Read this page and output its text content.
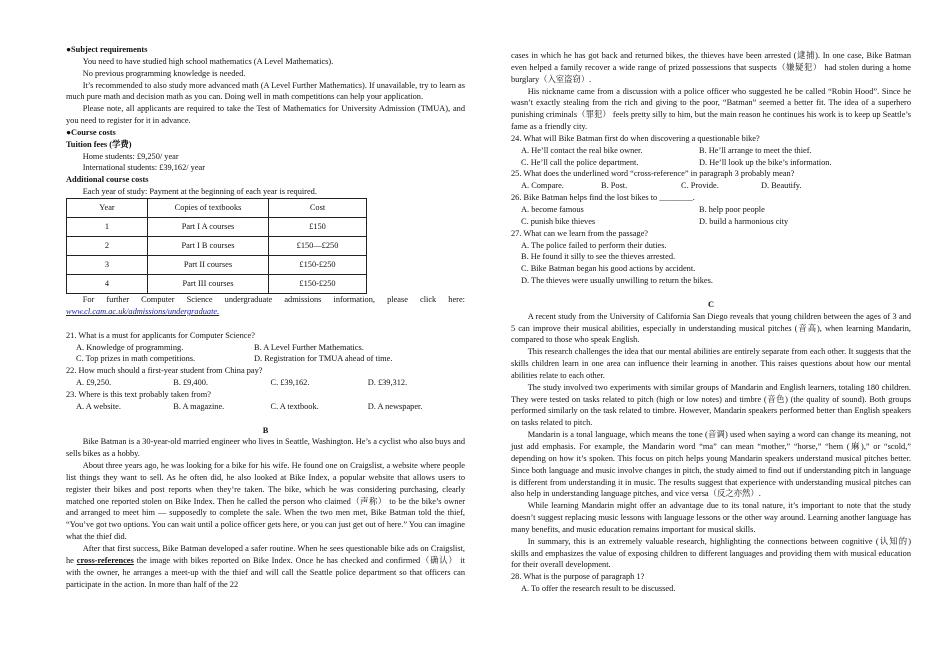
●Subject requirements

You need to have studied high school mathematics (A Level Mathematics).

No previous programming knowledge is needed.

It’s recommended to also study more advanced math (A Level Further Mathematics). If unavailable, try to learn as much pure math and decision math as you can. Doing well in math competitions can help your application.

Please note, all applicants are required to take the Test of Mathematics for University Admission (TMUA), and you need to register for it in advance.

●Course costs

Tuition fees (学费)

Home students: £9,250/ year

International students: £39,162/ year

Additional course costs

Each year of study: Payment at the beginning of each year is required.

Year	Copies of textbooks	Cost
1	Part I A courses	£150
2	Part I B courses	£150—£250
3	Part II courses	£150-£250
4	Part III courses	£150-£250

For further Computer Science undergraduate admissions information, please click here: www.cl.cam.ac.uk/admissions/undergraduate.

21. What is a must for applicants for Computer Science?

A. Knowledge of programming.	B. A Level Further Mathematics.
C. Top prizes in math competitions.	D. Registration for TMUA ahead of time.

22. How much should a first-year student from China pay?

A. £9,250.	B. £9,400.	C. £39,162.	D. £39,312.

23. Where is this text probably taken from?

A. A website.	B. A magazine.	C. A textbook.	D. A newspaper.

B

Bike Batman is a 30-year-old married engineer who lives in Seattle, Washington. He’s a cyclist who also buys and sells bikes as a hobby.

About three years ago, he was looking for a bike for his wife. He found one on Craigslist, a website where people list things they want to sell. As he often did, he also looked at Bike Index, a popular website that allows users to register their bikes and post reports when they’re taken. The bike, which he was considering purchasing, clearly matched one reported stolen on Bike Index. Then he called the person who claimed（声称） to be the bike’s owner and arranged to meet him — supposedly to complete the sale. When the two men met, Bike Batman told the thief, “You’ve got two options. You can wait until a police officer gets here, or you can just get out of here.” You can imagine what the thief did.

After that first success, Bike Batman developed a safer routine. When he sees questionable bike ads on Craigslist, he cross-references the image with bikes reported on Bike Index. Once he has checked and confirmed（确认） it with the owner, he arranges a meet-up with the thief and will call the Seattle police department so that officers can participate in the action. In more than half of the 22

cases in which he has got back and returned bikes, the thieves have been arrested (逮捕). In one case, Bike Batman even helped a family recover a wide range of prized possessions that suspects（嫌疑犯） had stolen during a home burglary（入室盗窃）.

His nickname came from a discussion with a police officer who suggested he be called “Robin Hood”. Since he wasn’t exactly stealing from the rich and giving to the poor, “Batman” seemed a better fit. The idea of a superhero punishing criminals（罪犯） feels pretty silly to him, but the main reason he continues his work is to keep up Seattle’s fame as a friendly city.

24. What will Bike Batman first do when discovering a questionable bike?

A. He’ll contact the real bike owner.	B. He’ll arrange to meet the thief.
C. He’ll call the police department.	D. He’ll look up the bike’s information.

25. What does the underlined word “cross-reference” in paragraph 3 probably mean?

A. Compare.	B. Post.	C. Provide.	D. Beautify.

26. Bike Batman helps find the lost bikes to ________.

A. become famous	B. help poor people
C. punish bike thieves	D. build a harmonious city

27. What can we learn from the passage?

A. The police failed to perform their duties.

B. He found it silly to see the thieves arrested.

C. Bike Batman began his good actions by accident.

D. The thieves were usually unwilling to return the bikes.

C

A recent study from the University of California San Diego reveals that young children between the ages of 3 and 5 can improve their musical abilities, especially in understanding musical pitches (音高), when learning Mandarin, compared to those who speak English.

This research challenges the idea that our mental abilities are entirely separate from each other. It suggests that the skills children learn in one area can influence their learning in another. This raises questions about how our mental abilities relate to each other.

The study involved two experiments with similar groups of Mandarin and English learners, totaling 180 children. They were tested on tasks related to pitch (high or low notes) and timbre (音色) (the quality of sound). Both groups performed similarly on the task related to timbre. However, Mandarin speakers performed better than English speakers on tasks related to pitch.

Mandarin is a tonal language, which means the tone (音调) used when saying a word can change its meaning, not just add emphasis. For example, the Mandarin word “ma” can mean “mother,” “horse,” “hem (麻),” or “scold,” depending on how it’s spoken. This focus on pitch helps young Mandarin speakers understand musical pitches better. Since both language and music involve changes in pitch, the study aimed to find out if understanding pitch in language is different from understanding it in music. The results suggest that experience with understanding musical pitches can also help in understanding language pitches, and vice versa（反之亦然）.

While learning Mandarin might offer an advantage due to its tonal nature, it’s important to note that the study doesn’t suggest replacing music lessons with language lessons or the other way around. Learning another language has many benefits, and music education remains important for musical skills.

In summary, this is an extremely valuable research, highlighting the connections between cognitive (认知的) skills and emphasizes the value of exposing children to different languages and providing them with musical education for their overall development.

28. What is the purpose of paragraph 1?

A. To offer the research result to be discussed.
